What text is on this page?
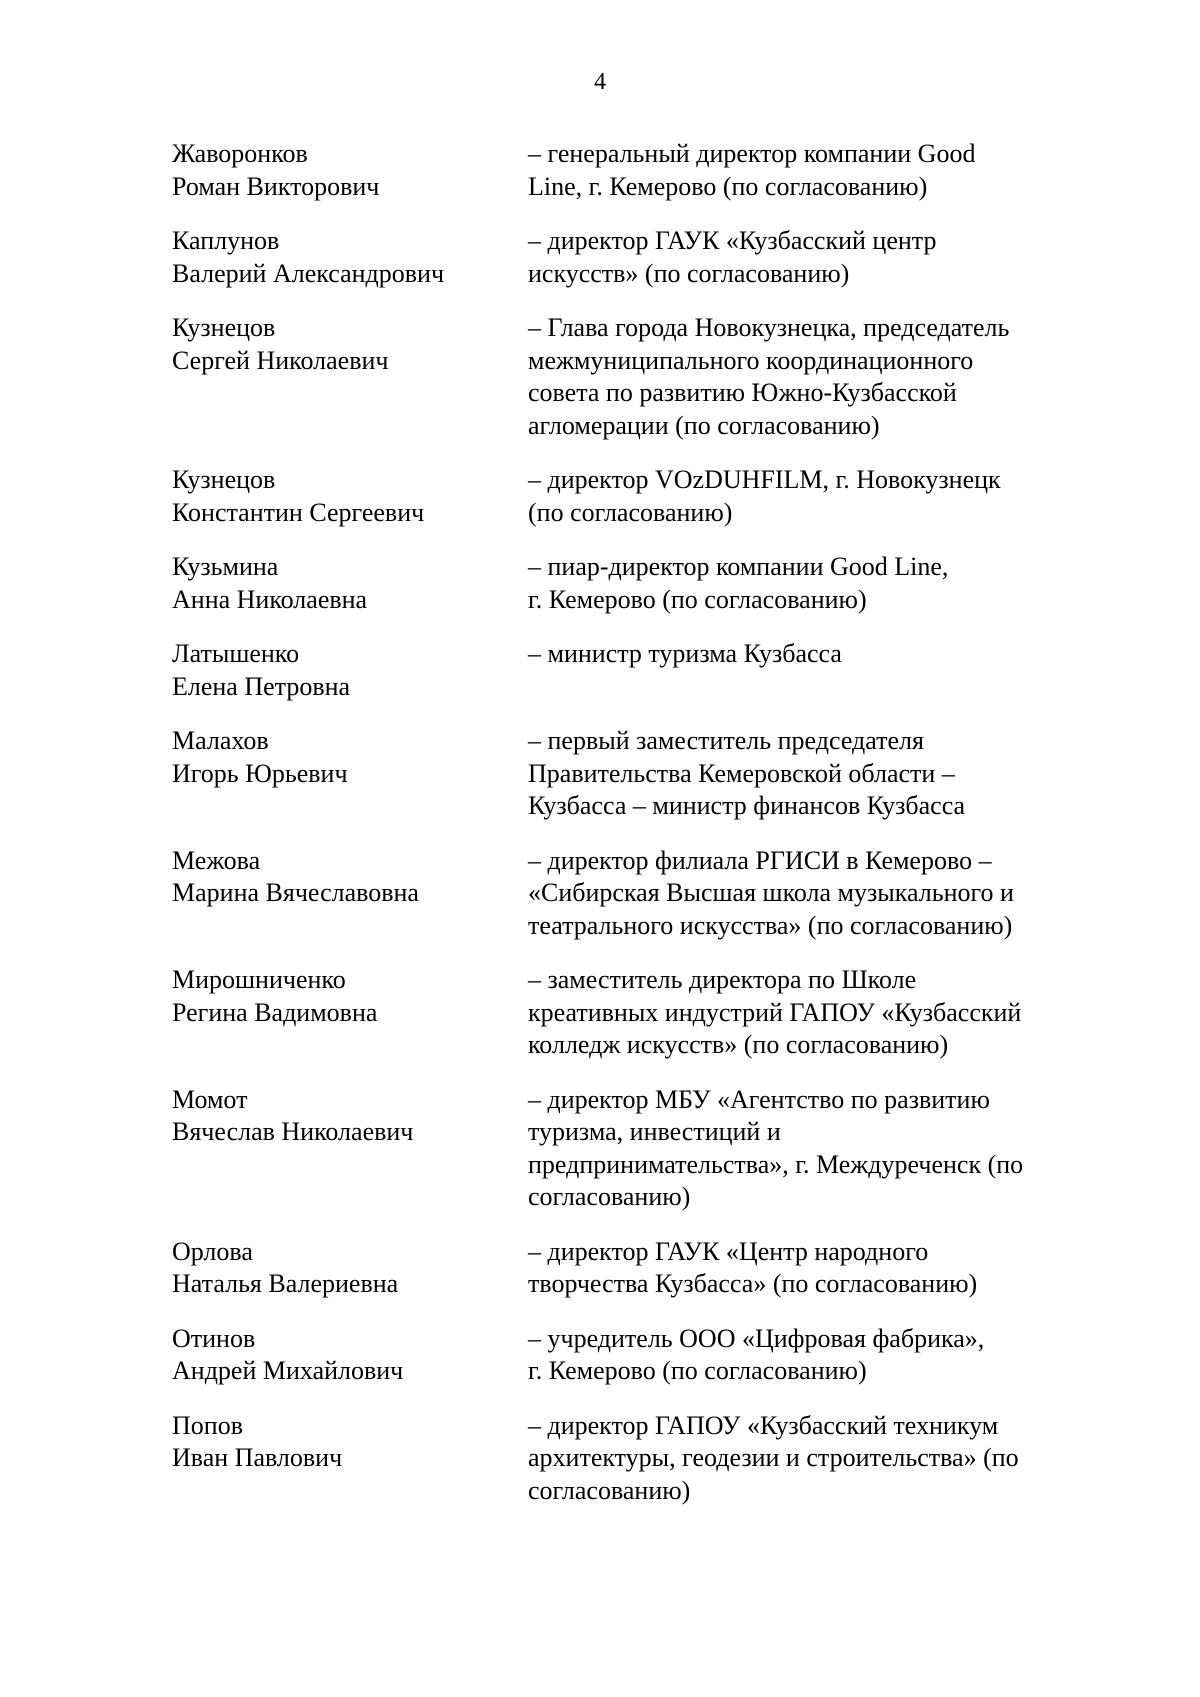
4
Жаворонков
Роман Викторович
– генеральный директор компании Good
Line, г. Кемерово (по согласованию)
Каплунов
Валерий Александрович
– директор ГАУК «Кузбасский центр
искусств» (по согласованию)
Кузнецов
Сергей Николаевич
– Глава города Новокузнецка, председатель
межмуниципального координационного
совета по развитию Южно-Кузбасской
агломерации (по согласованию)
Кузнецов
Константин Сергеевич
– директор VOzDUHFILM, г. Новокузнецк
(по согласованию)
Кузьмина
Анна Николаевна
– пиар-директор компании Good Line,
г. Кемерово (по согласованию)
Латышенко
Елена Петровна
– министр туризма Кузбасса
Малахов
Игорь Юрьевич
– первый заместитель председателя
Правительства Кемеровской области –
Кузбасса – министр финансов Кузбасса
Межова
Марина Вячеславовна
– директор филиала РГИСИ в Кемерово –
«Сибирская Высшая школа музыкального и
театрального искусства» (по согласованию)
Мирошниченко
Регина Вадимовна
– заместитель директора по Школе
креативных индустрий ГАПОУ «Кузбасский
колледж искусств» (по согласованию)
Момот
Вячеслав Николаевич
– директор МБУ «Агентство по развитию
туризма, инвестиций и
предпринимательства», г. Междуреченск (по
согласованию)
Орлова
Наталья Валериевна
– директор ГАУК «Центр народного
творчества Кузбасса» (по согласованию)
Отинов
Андрей Михайлович
– учредитель ООО «Цифровая фабрика»,
г. Кемерово (по согласованию)
Попов
Иван Павлович
– директор ГАПОУ «Кузбасский техникум
архитектуры, геодезии и строительства» (по
согласованию)
